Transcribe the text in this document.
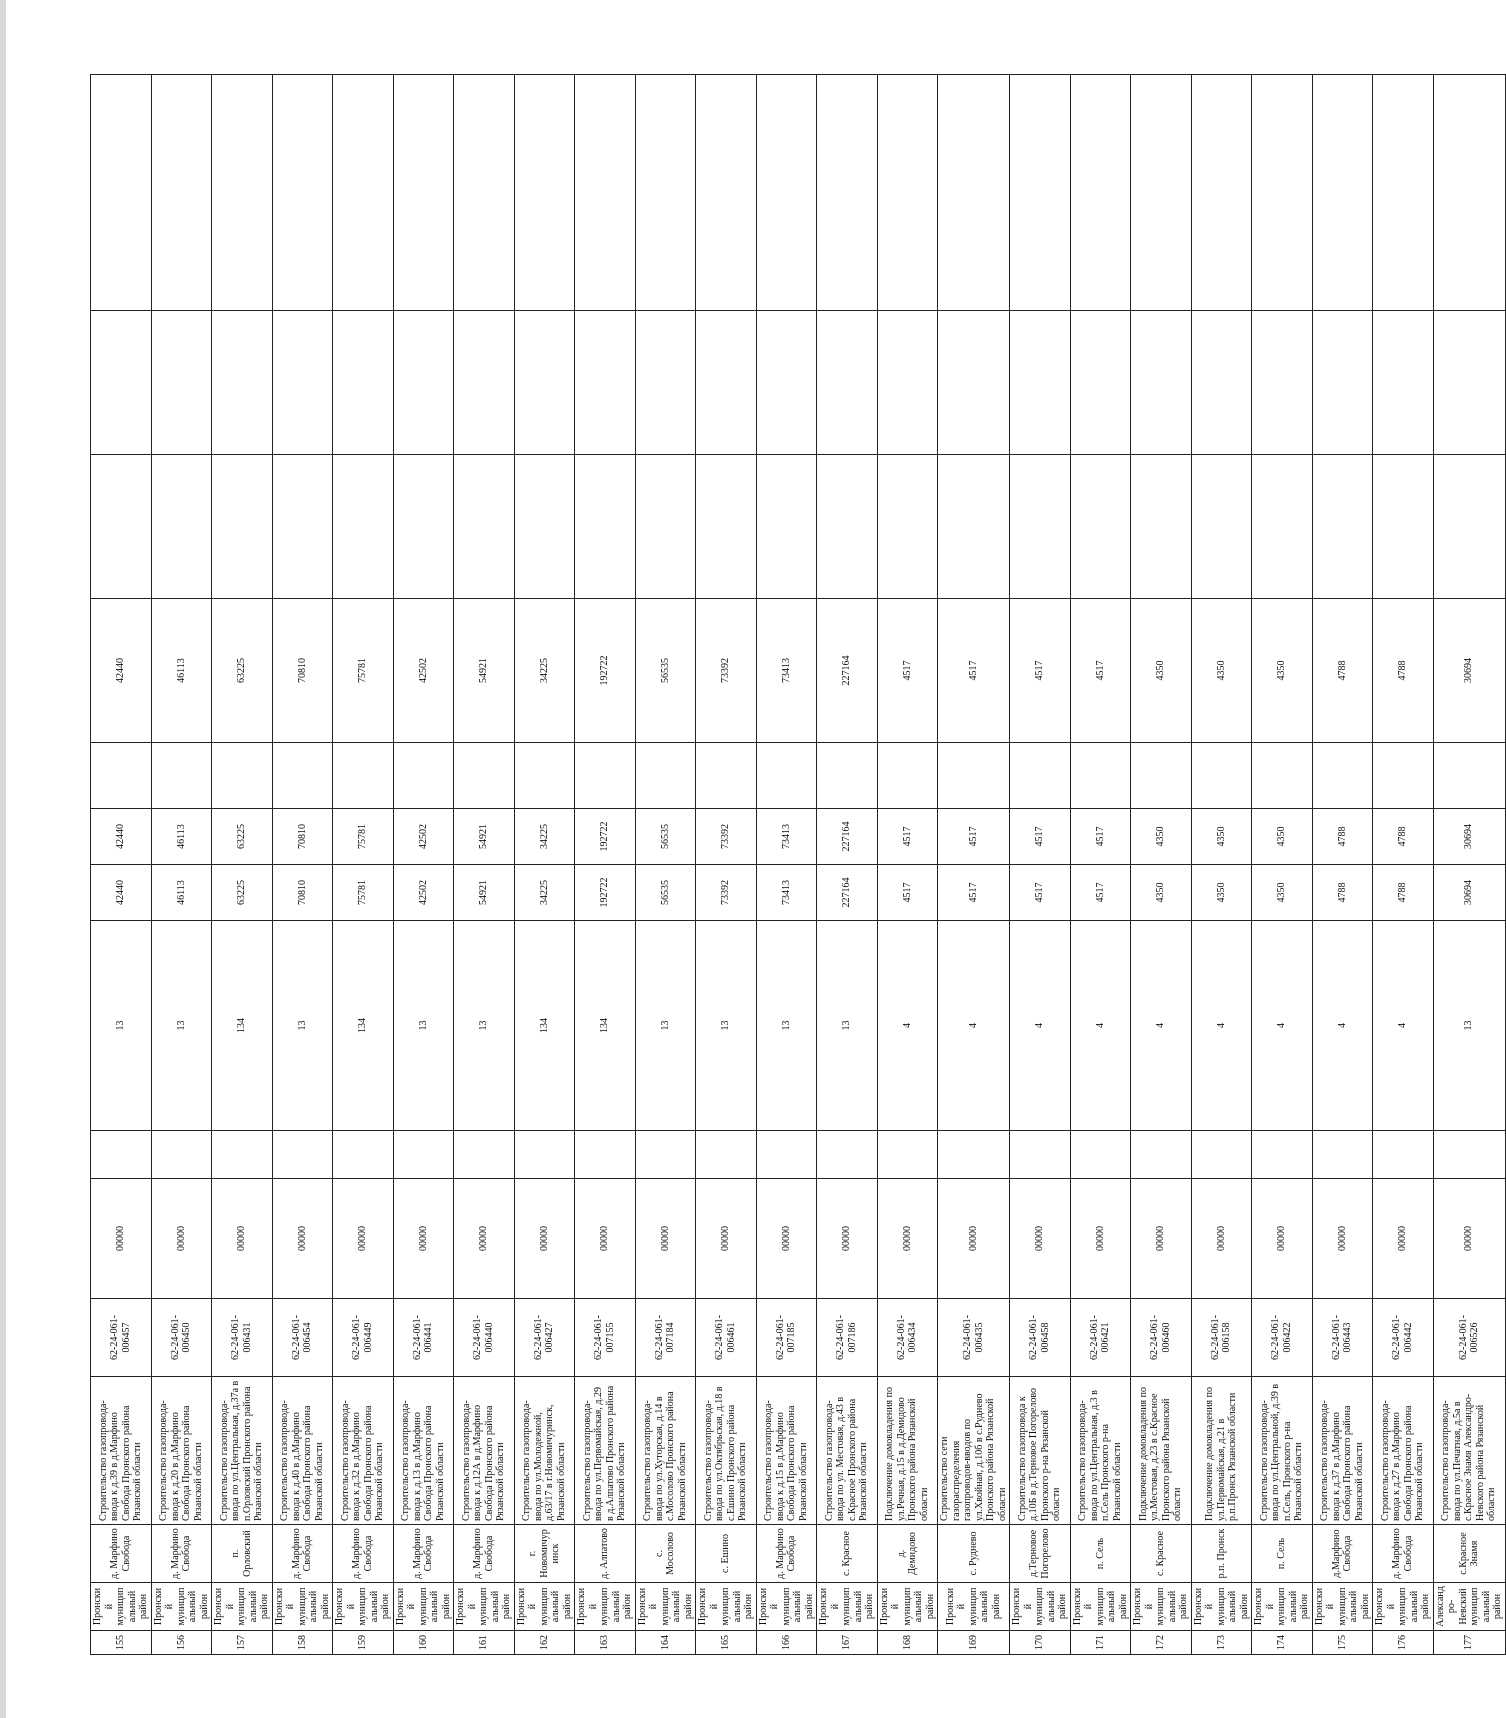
155	Пронский муниципальный район	д. Марфино Свобода	Строительство газопровода-ввода к д.39 в д.Марфино Свобода Пронского района Рязанской области	62-24-061-006457	00000		13	42440	42440		42440			
156	Пронский муниципальный район	д. Марфино Свобода	Строительство газопровода-ввода к д.20 в д.Марфино Свобода Пронского района Рязанской области	62-24-061-006450	00000		13	46113	46113		46113			
157	Пронский муниципальный район	п. Орловский	Строительство газопровода-ввода по ул.Центральная, д.37а в п.Орловский Пронского района Рязанской области	62-24-061-006431	00000		134	63225	63225		63225			
158	Пронский муниципальный район	д. Марфино Свобода	Строительство газопровода-ввода к д.40 в д.Марфино Свобода Пронского района Рязанской области	62-24-061-006454	00000		13	70810	70810		70810			
159	Пронский муниципальный район	д. Марфино Свобода	Строительство газопровода-ввода к д.32 в д.Марфино Свобода Пронского района Рязанской области	62-24-061-006449	00000		134	75781	75781		75781			
160	Пронский муниципальный район	д. Марфино Свобода	Строительство газопровода-ввода к д.13 в д.Марфино Свобода Пронского района Рязанской области	62-24-061-006441	00000		13	42502	42502		42502			
161	Пронский муниципальный район	д. Марфино Свобода	Строительство газопровода-ввода к д.12А в д.Марфино Свобода Пронского района Рязанской области	62-24-061-006440	00000		13	54921	54921		54921			
162	Пронский муниципальный район	г. Новомичуринск	Строительство газопровода-ввода по ул.Молодежной, д.63/17 в г.Новомичуринск, Рязанской области	62-24-061-006427	00000		134	34225	34225		34225			
163	Пронский муниципальный район	д. Алпатово	Строительство газопровода-ввода по ул.Первомайская, д.29 в д.Алпатово Пронского района Рязанской области	62-24-061-007155	00000		134	192722	192722		192722			
164	Пронский муниципальный район	с. Мосолово	Строительство газопровода-ввода по ул.Хуторская, д.14 в с.Мосолово Пронского района Рязанской области	62-24-061-007184	00000		13	56535	56535		56535			
165	Пронский муниципальный район	с. Ешино	Строительство газопровода-ввода по ул.Октябрьская, д.18 в с.Ешино Пронского района Рязанской области	62-24-061-006461	00000		13	73392	73392		73392			
166	Пронский муниципальный район	д. Марфино Свобода	Строительство газопровода-ввода к д.15 в д.Марфино Свобода Пронского района Рязанской области	62-24-061-007185	00000		13	73413	73413		73413			
167	Пронский муниципальный район	с. Красное	Строительство газопровода-ввода по ул. Местовая, д.43 в с.Красное Пронского района Рязанской области	62-24-061-007186	00000		13	227164	227164		227164			
168	Пронский муниципальный район	д. Демидово	Подключение домовладения по ул.Речная, д.15 в д.Демидово Пронского района Рязанской области	62-24-061-006434	00000		4	4517	4517		4517			
169	Пронский муниципальный район	с. Руднево	Строительство сети газораспределения газопроводов-вводов по ул.Хвойная, д.10б в с.Руднево Пронского района Рязанской области	62-24-061-006435	00000		4	4517	4517		4517			
170	Пронский муниципальный район	д.Терновое Погорелово	Строительство газопровода к д.10Б в д.Терновое Погорелово Пронского р-на Рязанской области	62-24-061-006458	00000		4	4517	4517		4517			
171	Пронский муниципальный район	п. Сель	Строительство газопровода-ввода по ул.Центральная, д.3 в п.Сель Пронского р-на Рязанской области	62-24-061-006421	00000		4	4517	4517		4517			
172	Пронский муниципальный район	с. Красное	Подключение домовладения по ул.Местовая, д.23 в с.Красное Пронского района Рязанской области	62-24-061-006460	00000		4	4350	4350		4350			
173	Пронский муниципальный район	р.п. Пронск	Подключение домовладения по ул.Первомайская, д.21 в р.п.Пронск Рязанской области	62-24-061-006158	00000		4	4350	4350		4350			
174	Пронский муниципальный район	п. Сель	Строительство газопровода-ввода по ул.Центральной, д.39 в п.Сель, Пронского р-на Рязанской области	62-24-061-006422	00000		4	4350	4350		4350			
175	Пронский муниципальный район	д.Марфино Свобода	Строительство газопровода-ввода к д.37 в д.Марфино Свобода Пронского района Рязанской области	62-24-061-006443	00000		4	4788	4788		4788			
176	Пронский муниципальный район	д. Марфино Свобода	Строительство газопровода-ввода к д.27 в д.Марфино Свобода Пронского района Рязанской области	62-24-061-006442	00000		4	4788	4788		4788			
177	Александро-Невский муниципальный район	с.Красное Знамя	Строительство газопровода-ввода по ул.Печатная, д.5а в с.Красное Знамя Александро-Невского района Рязанской области	62-24-061-006526	00000		13	30694	30694		30694			
